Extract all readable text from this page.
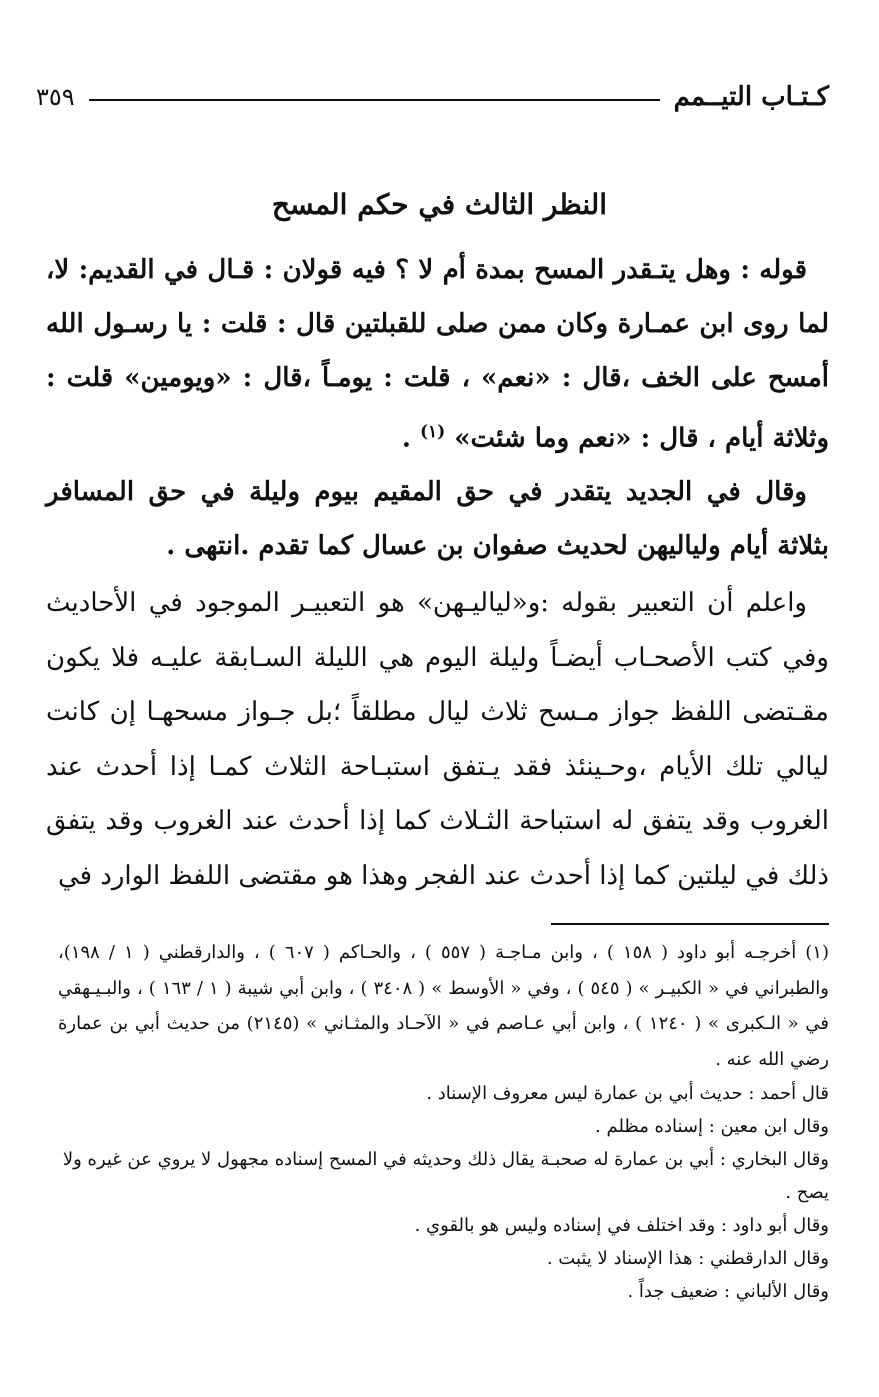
كـتـاب التيــمم
٣٥٩
النظر الثالث في حكم المسح
قوله : وهل يتـقدر المسح بمدة أم لا ؟ فيه قولان : قـال في القديم: لا، لما روى ابن عمـارة وكان ممن صلى للقبلتين قال : قلت : يا رسـول الله أمسح على الخف ،قال : «نعم» ، قلت : يومـاً ،قال : «ويومين» قلت : وثلاثة أيام ، قال : «نعم وما شئت» $^{(١)}$ .
وقال في الجديد يتقدر في حق المقيم بيوم وليلة في حق المسافر بثلاثة أيام ولياليهن لحديث صفوان بن عسال كما تقدم .انتهى .
واعلم أن التعبير بقوله :و«لياليـهن» هو التعبيـر الموجود في الأحاديث وفي كتب الأصحـاب أيضـاً وليلة اليوم هي الليلة السـابقة عليـه فلا يكون مقـتضى اللفظ جواز مـسح ثلاث ليال مطلقاً ؛بل جـواز مسحهـا إن كانت ليالي تلك الأيام ،وحـينئذ فقد يـتفق استبـاحة الثلاث كمـا إذا أحدث عند الغروب وقد يتفق له استباحة الثـلاث كما إذا أحدث عند الغروب وقد يتفق ذلك في ليلتين كما إذا أحدث عند الفجر وهذا هو مقتضى اللفظ الوارد في
(١) أخرجـه أبو داود ( ١٥٨ ) ، وابن مـاجـة ( ٥٥٧ ) ، والحـاكم ( ٦٠٧ ) ، والدارقطني ( ١ / ١٩٨)، والطبراني في « الكبيـر » ( ٥٤٥ ) ، وفي « الأوسط » ( ٣٤٠٨ ) ، وابن أبي شيبة ( ١ / ١٦٣ ) ، والبـيـهقي في « الـكبرى » ( ١٢٤٠ ) ، وابن أبي عـاصم في « الآحـاد والمثـاني » (٢١٤٥) من حديث أبي بن عمارة رضي الله عنه .
قال أحمد : حديث أبي بن عمارة ليس معروف الإسناد .
وقال ابن معين : إسناده مظلم .
وقال البخاري : أبي بن عمارة له صحبـة يقال ذلك وحديثه في المسح إسناده مجهول لا يروي عن غيره ولا يصح .
وقال أبو داود : وقد اختلف في إسناده وليس هو بالقوي .
وقال الدارقطني : هذا الإسناد لا يثبت .
وقال الألباني : ضعيف جداً .
